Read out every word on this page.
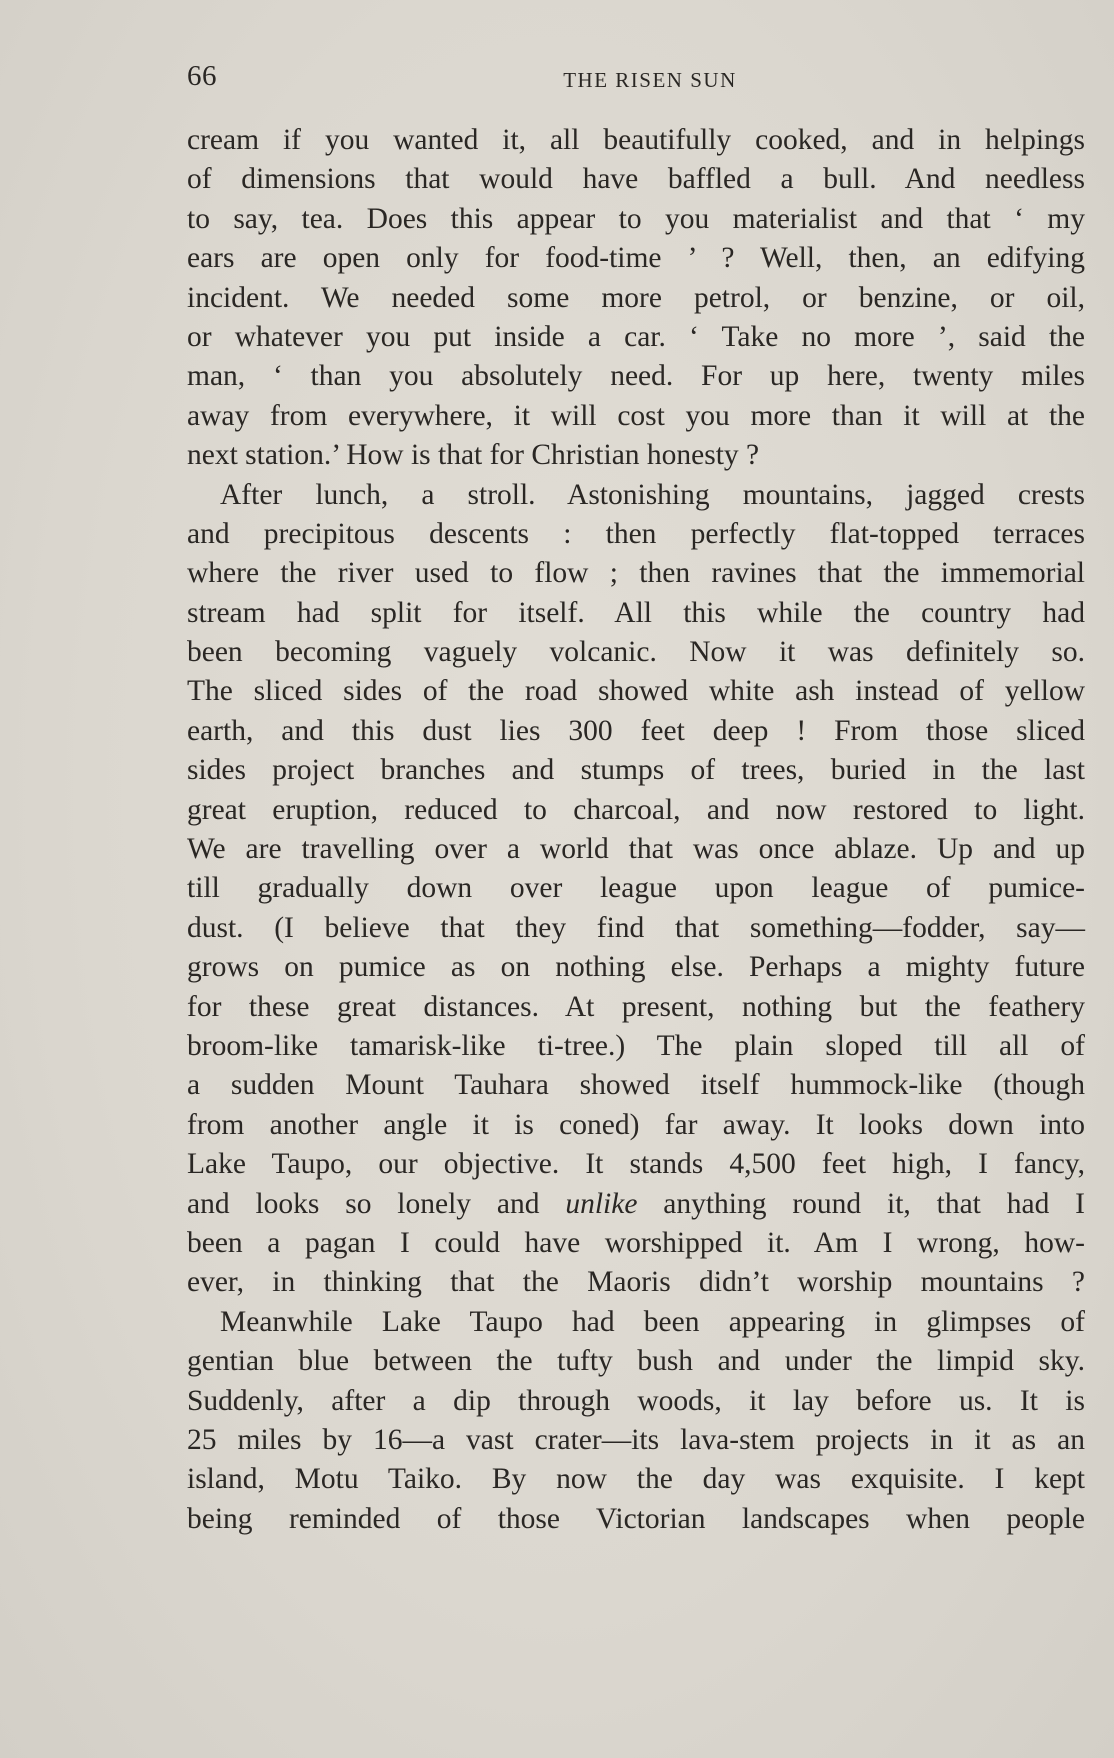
66	THE RISEN SUN
cream if you wanted it, all beautifully cooked, and in helpings
of dimensions that would have baffled a bull. And needless
to say, tea. Does this appear to you materialist and that ‘ my
ears are open only for food-time ’ ? Well, then, an edifying
incident. We needed some more petrol, or benzine, or oil,
or whatever you put inside a car. ‘ Take no more ’, said the
man, ‘ than you absolutely need. For up here, twenty miles
away from everywhere, it will cost you more than it will at the
next station.’ How is that for Christian honesty ?
After lunch, a stroll. Astonishing mountains, jagged crests
and precipitous descents : then perfectly flat-topped terraces
where the river used to flow ; then ravines that the immemorial
stream had split for itself. All this while the country had
been becoming vaguely volcanic. Now it was definitely so.
The sliced sides of the road showed white ash instead of yellow
earth, and this dust lies 300 feet deep ! From those sliced
sides project branches and stumps of trees, buried in the last
great eruption, reduced to charcoal, and now restored to light.
We are travelling over a world that was once ablaze. Up and up
till gradually down over league upon league of pumice-
dust. (I believe that they find that something—fodder, say—
grows on pumice as on nothing else. Perhaps a mighty future
for these great distances. At present, nothing but the feathery
broom-like tamarisk-like ti-tree.) The plain sloped till all of
a sudden Mount Tauhara showed itself hummock-like (though
from another angle it is coned) far away. It looks down into
Lake Taupo, our objective. It stands 4,500 feet high, I fancy,
and looks so lonely and unlike anything round it, that had I
been a pagan I could have worshipped it. Am I wrong, how-
ever, in thinking that the Maoris didn’t worship mountains ?
Meanwhile Lake Taupo had been appearing in glimpses of
gentian blue between the tufty bush and under the limpid sky.
Suddenly, after a dip through woods, it lay before us. It is
25 miles by 16—a vast crater—its lava-stem projects in it as an
island, Motu Taiko. By now the day was exquisite. I kept
being reminded of those Victorian landscapes when people
